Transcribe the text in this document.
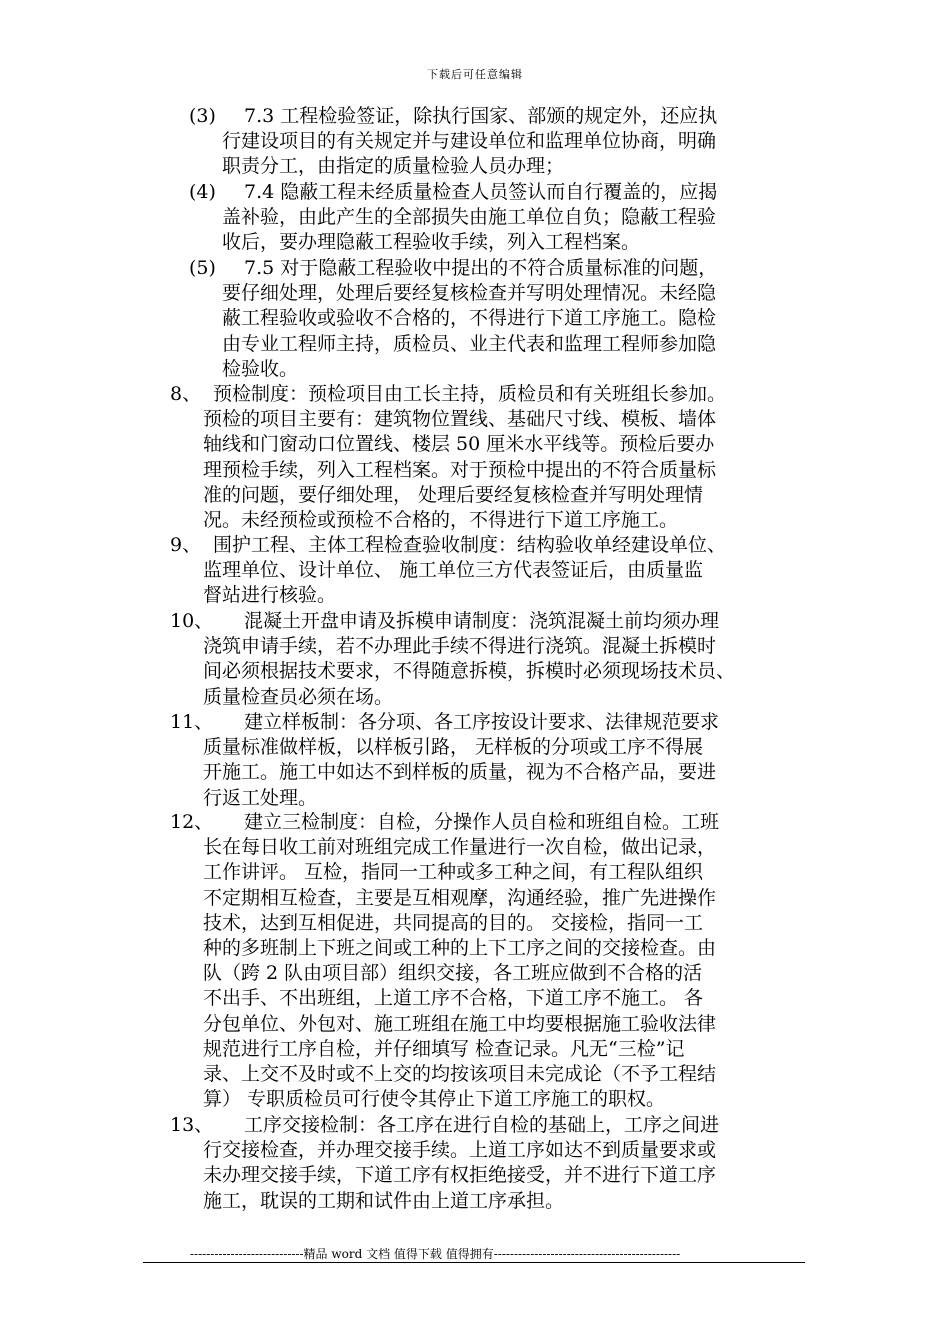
下载后可任意编辑
(3) 7.3 工程检验签证，除执行国家、部颁的规定外，还应执
行建设项目的有关规定并与建设单位和监理单位协商，明确
职责分工，由指定的质量检验人员办理；
(4) 7.4 隐蔽工程未经质量检查人员签认而自行覆盖的，应揭
盖补验，由此产生的全部损失由施工单位自负；隐蔽工程验
收后，要办理隐蔽工程验收手续，列入工程档案。
(5) 7.5 对于隐蔽工程验收中提出的不符合质量标准的问题，
要仔细处理，处理后要经复核检查并写明处理情况。未经隐
蔽工程验收或验收不合格的，不得进行下道工序施工。隐检
由专业工程师主持，质检员、业主代表和监理工程师参加隐
检验收。
8、 预检制度：预检项目由工长主持，质检员和有关班组长参加。
预检的项目主要有：建筑物位置线、基础尺寸线、模板、墙体
轴线和门窗动口位置线、楼层 50 厘米水平线等。预检后要办
理预检手续，列入工程档案。对于预检中提出的不符合质量标
准的问题，要仔细处理， 处理后要经复核检查并写明处理情
况。未经预检或预检不合格的，不得进行下道工序施工。
9、 围护工程、主体工程检查验收制度：结构验收单经建设单位、
监理单位、设计单位、 施工单位三方代表签证后，由质量监
督站进行核验。
10、 混凝土开盘申请及拆模申请制度：浇筑混凝土前均须办理
浇筑申请手续，若不办理此手续不得进行浇筑。混凝土拆模时
间必须根据技术要求，不得随意拆模，拆模时必须现场技术员、
质量检查员必须在场。
11、 建立样板制：各分项、各工序按设计要求、法律规范要求
质量标准做样板，以样板引路， 无样板的分项或工序不得展
开施工。施工中如达不到样板的质量，视为不合格产品，要进
行返工处理。
12、 建立三检制度：自检，分操作人员自检和班组自检。工班
长在每日收工前对班组完成工作量进行一次自检，做出记录，
工作讲评。 互检，指同一工种或多工种之间，有工程队组织
不定期相互检查，主要是互相观摩，沟通经验，推广先进操作
技术，达到互相促进，共同提高的目的。 交接检，指同一工
种的多班制上下班之间或工种的上下工序之间的交接检查。由
队（跨 2 队由项目部）组织交接，各工班应做到不合格的活
不出手、不出班组，上道工序不合格，下道工序不施工。 各
分包单位、外包对、施工班组在施工中均要根据施工验收法律
规范进行工序自检，并仔细填写 检查记录。凡无“三检”记
录、上交不及时或不上交的均按该项目未完成论（不予工程结
算） 专职质检员可行使令其停止下道工序施工的职权。
13、 工序交接检制：各工序在进行自检的基础上，工序之间进
行交接检查，并办理交接手续。上道工序如达不到质量要求或
未办理交接手续，下道工序有权拒绝接受，并不进行下道工序
施工，耽误的工期和试件由上道工序承担。
----------------------------精品 word 文档 值得下载 值得拥有----------------------------------------------
